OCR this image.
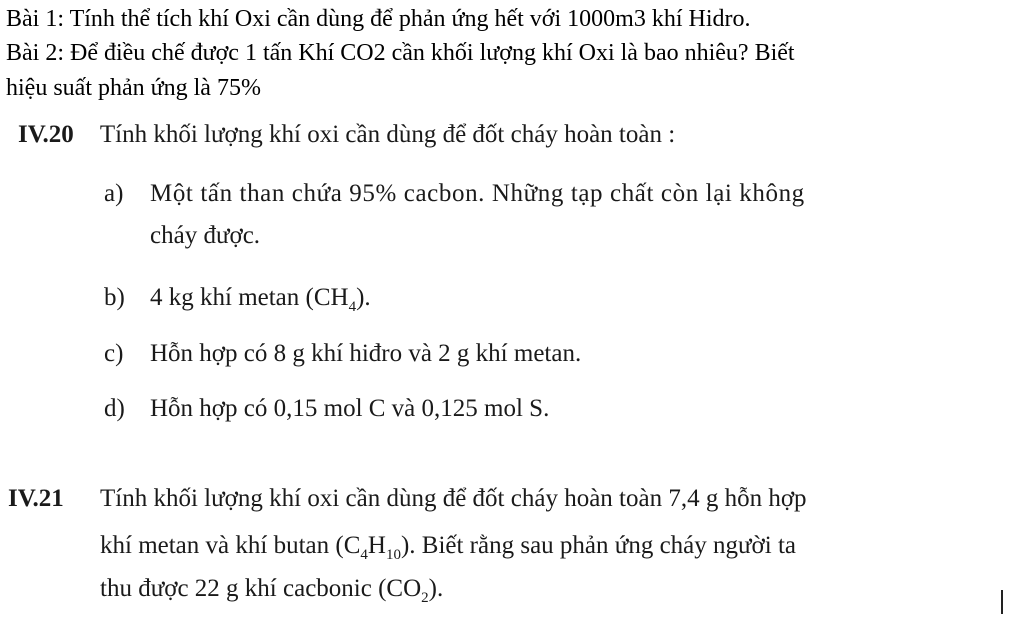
Bài 1: Tính thể tích khí Oxi cần dùng để phản ứng hết với 1000m3 khí Hidro.
Bài 2: Để điều chế được 1 tấn Khí CO2 cần khối lượng khí Oxi là bao nhiêu? Biết
hiệu suất phản ứng là 75%
IV.20 Tính khối lượng khí oxi cần dùng để đốt cháy hoàn toàn :
a) Một tấn than chứa 95% cacbon. Những tạp chất còn lại không
cháy được.
b) 4 kg khí metan $(CH_4)$.
c) Hỗn hợp có 8 g khí hiđro và 2 g khí metan.
d) Hỗn hợp có 0,15 mol C và 0,125 mol S.
IV.21 Tính khối lượng khí oxi cần dùng để đốt cháy hoàn toàn 7,4 g hỗn hợp
khí metan và khí butan $(C_4H_{10})$. Biết rằng sau phản ứng cháy người ta
thu được 22 g khí cacbonic $(CO_2)$.
